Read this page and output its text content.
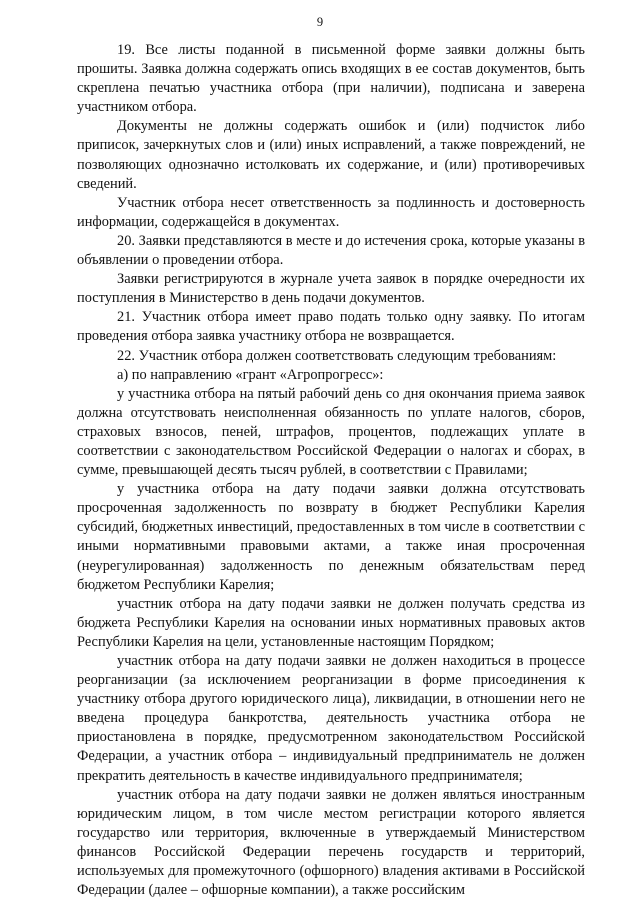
9

19. Все листы поданной в письменной форме заявки должны быть прошиты. Заявка должна содержать опись входящих в ее состав документов, быть скреплена печатью участника отбора (при наличии), подписана и заверена участником отбора.

Документы не должны содержать ошибок и (или) подчисток либо приписок, зачеркнутых слов и (или) иных исправлений, а также повреждений, не позволяющих однозначно истолковать их содержание, и (или) противоречивых сведений.

Участник отбора несет ответственность за подлинность и достоверность информации, содержащейся в документах.

20. Заявки представляются в месте и до истечения срока, которые указаны в объявлении о проведении отбора.

Заявки регистрируются в журнале учета заявок в порядке очередности их поступления в Министерство в день подачи документов.

21. Участник отбора имеет право подать только одну заявку. По итогам проведения отбора заявка участнику отбора не возвращается.

22. Участник отбора должен соответствовать следующим требованиям:

а) по направлению «грант «Агропрогресс»:

у участника отбора на пятый рабочий день со дня окончания приема заявок должна отсутствовать неисполненная обязанность по уплате налогов, сборов, страховых взносов, пеней, штрафов, процентов, подлежащих уплате в соответствии с законодательством Российской Федерации о налогах и сборах, в сумме, превышающей десять тысяч рублей, в соответствии с Правилами;

у участника отбора на дату подачи заявки должна отсутствовать просроченная задолженность по возврату в бюджет Республики Карелия субсидий, бюджетных инвестиций, предоставленных в том числе в соответствии с иными нормативными правовыми актами, а также иная просроченная (неурегулированная) задолженность по денежным обязательствам перед бюджетом Республики Карелия;

участник отбора на дату подачи заявки не должен получать средства из бюджета Республики Карелия на основании иных нормативных правовых актов Республики Карелия на цели, установленные настоящим Порядком;

участник отбора на дату подачи заявки не должен находиться в процессе реорганизации (за исключением реорганизации в форме присоединения к участнику отбора другого юридического лица), ликвидации, в отношении него не введена процедура банкротства, деятельность участника отбора не приостановлена в порядке, предусмотренном законодательством Российской Федерации, а участник отбора – индивидуальный предприниматель не должен прекратить деятельность в качестве индивидуального предпринимателя;

участник отбора на дату подачи заявки не должен являться иностранным юридическим лицом, в том числе местом регистрации которого является государство или территория, включенные в утверждаемый Министерством финансов Российской Федерации перечень государств и территорий, используемых для промежуточного (офшорного) владения активами в Российской Федерации (далее – офшорные компании), а также российским
